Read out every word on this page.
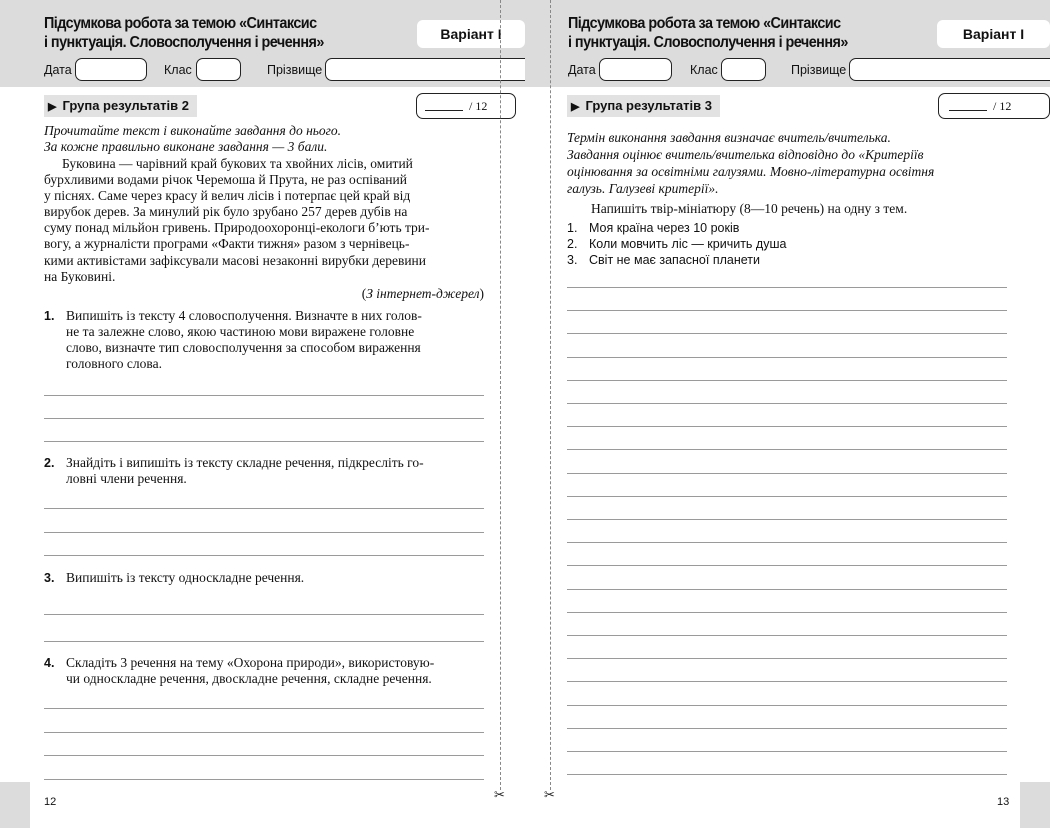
Підсумкова робота за темою «Синтаксис
і пунктуація. Словосполучення і речення»	Варіант І
Дата	Клас	Прізвище
▶ Група результатів 2	/ 12
Прочитайте текст і виконайте завдання до нього.
За кожне правильно виконане завдання — 3 бали.
Буковина — чарівний край букових та хвойних лісів, омитий
бурхливими водами річок Черемоша й Прута, не раз оспіваний
у піснях. Саме через красу й велич лісів і потерпає цей край від
вирубок дерев. За минулий рік було зрубано 257 дерев дубів на
суму понад мільйон гривень. Природоохоронці-екологи б’ють три-
вогу, а журналісти програми «Факти тижня» разом з чернівець-
кими активістами зафіксували масові незаконні вирубки деревини
на Буковині.
(З інтернет-джерел)
1. Випишіть із тексту 4 словосполучення. Визначте в них голов-
не та залежне слово, якою частиною мови виражене головне
слово, визначте тип словосполучення за способом вираження
головного слова.
2. Знайдіть і випишіть із тексту складне речення, підкресліть го-
ловні члени речення.
3. Випишіть із тексту односкладне речення.
4. Складіть 3 речення на тему «Охорона природи», використовую-
чи односкладне речення, двоскладне речення, складне речення.
12	✂
Підсумкова робота за темою «Синтаксис
і пунктуація. Словосполучення і речення»	Варіант І
Дата	Клас	Прізвище
▶ Група результатів 3	/ 12
Термін виконання завдання визначає вчитель/вчителька.
Завдання оцінює вчитель/вчителька відповідно до «Критеріїв
оцінювання за освітніми галузями. Мовно-літературна освітня
галузь. Галузеві критерії».
Напишіть твір-мініатюру (8—10 речень) на одну з тем.
1. Моя країна через 10 років
2. Коли мовчить ліс — кричить душа
3. Світ не має запасної планети
13
✂
